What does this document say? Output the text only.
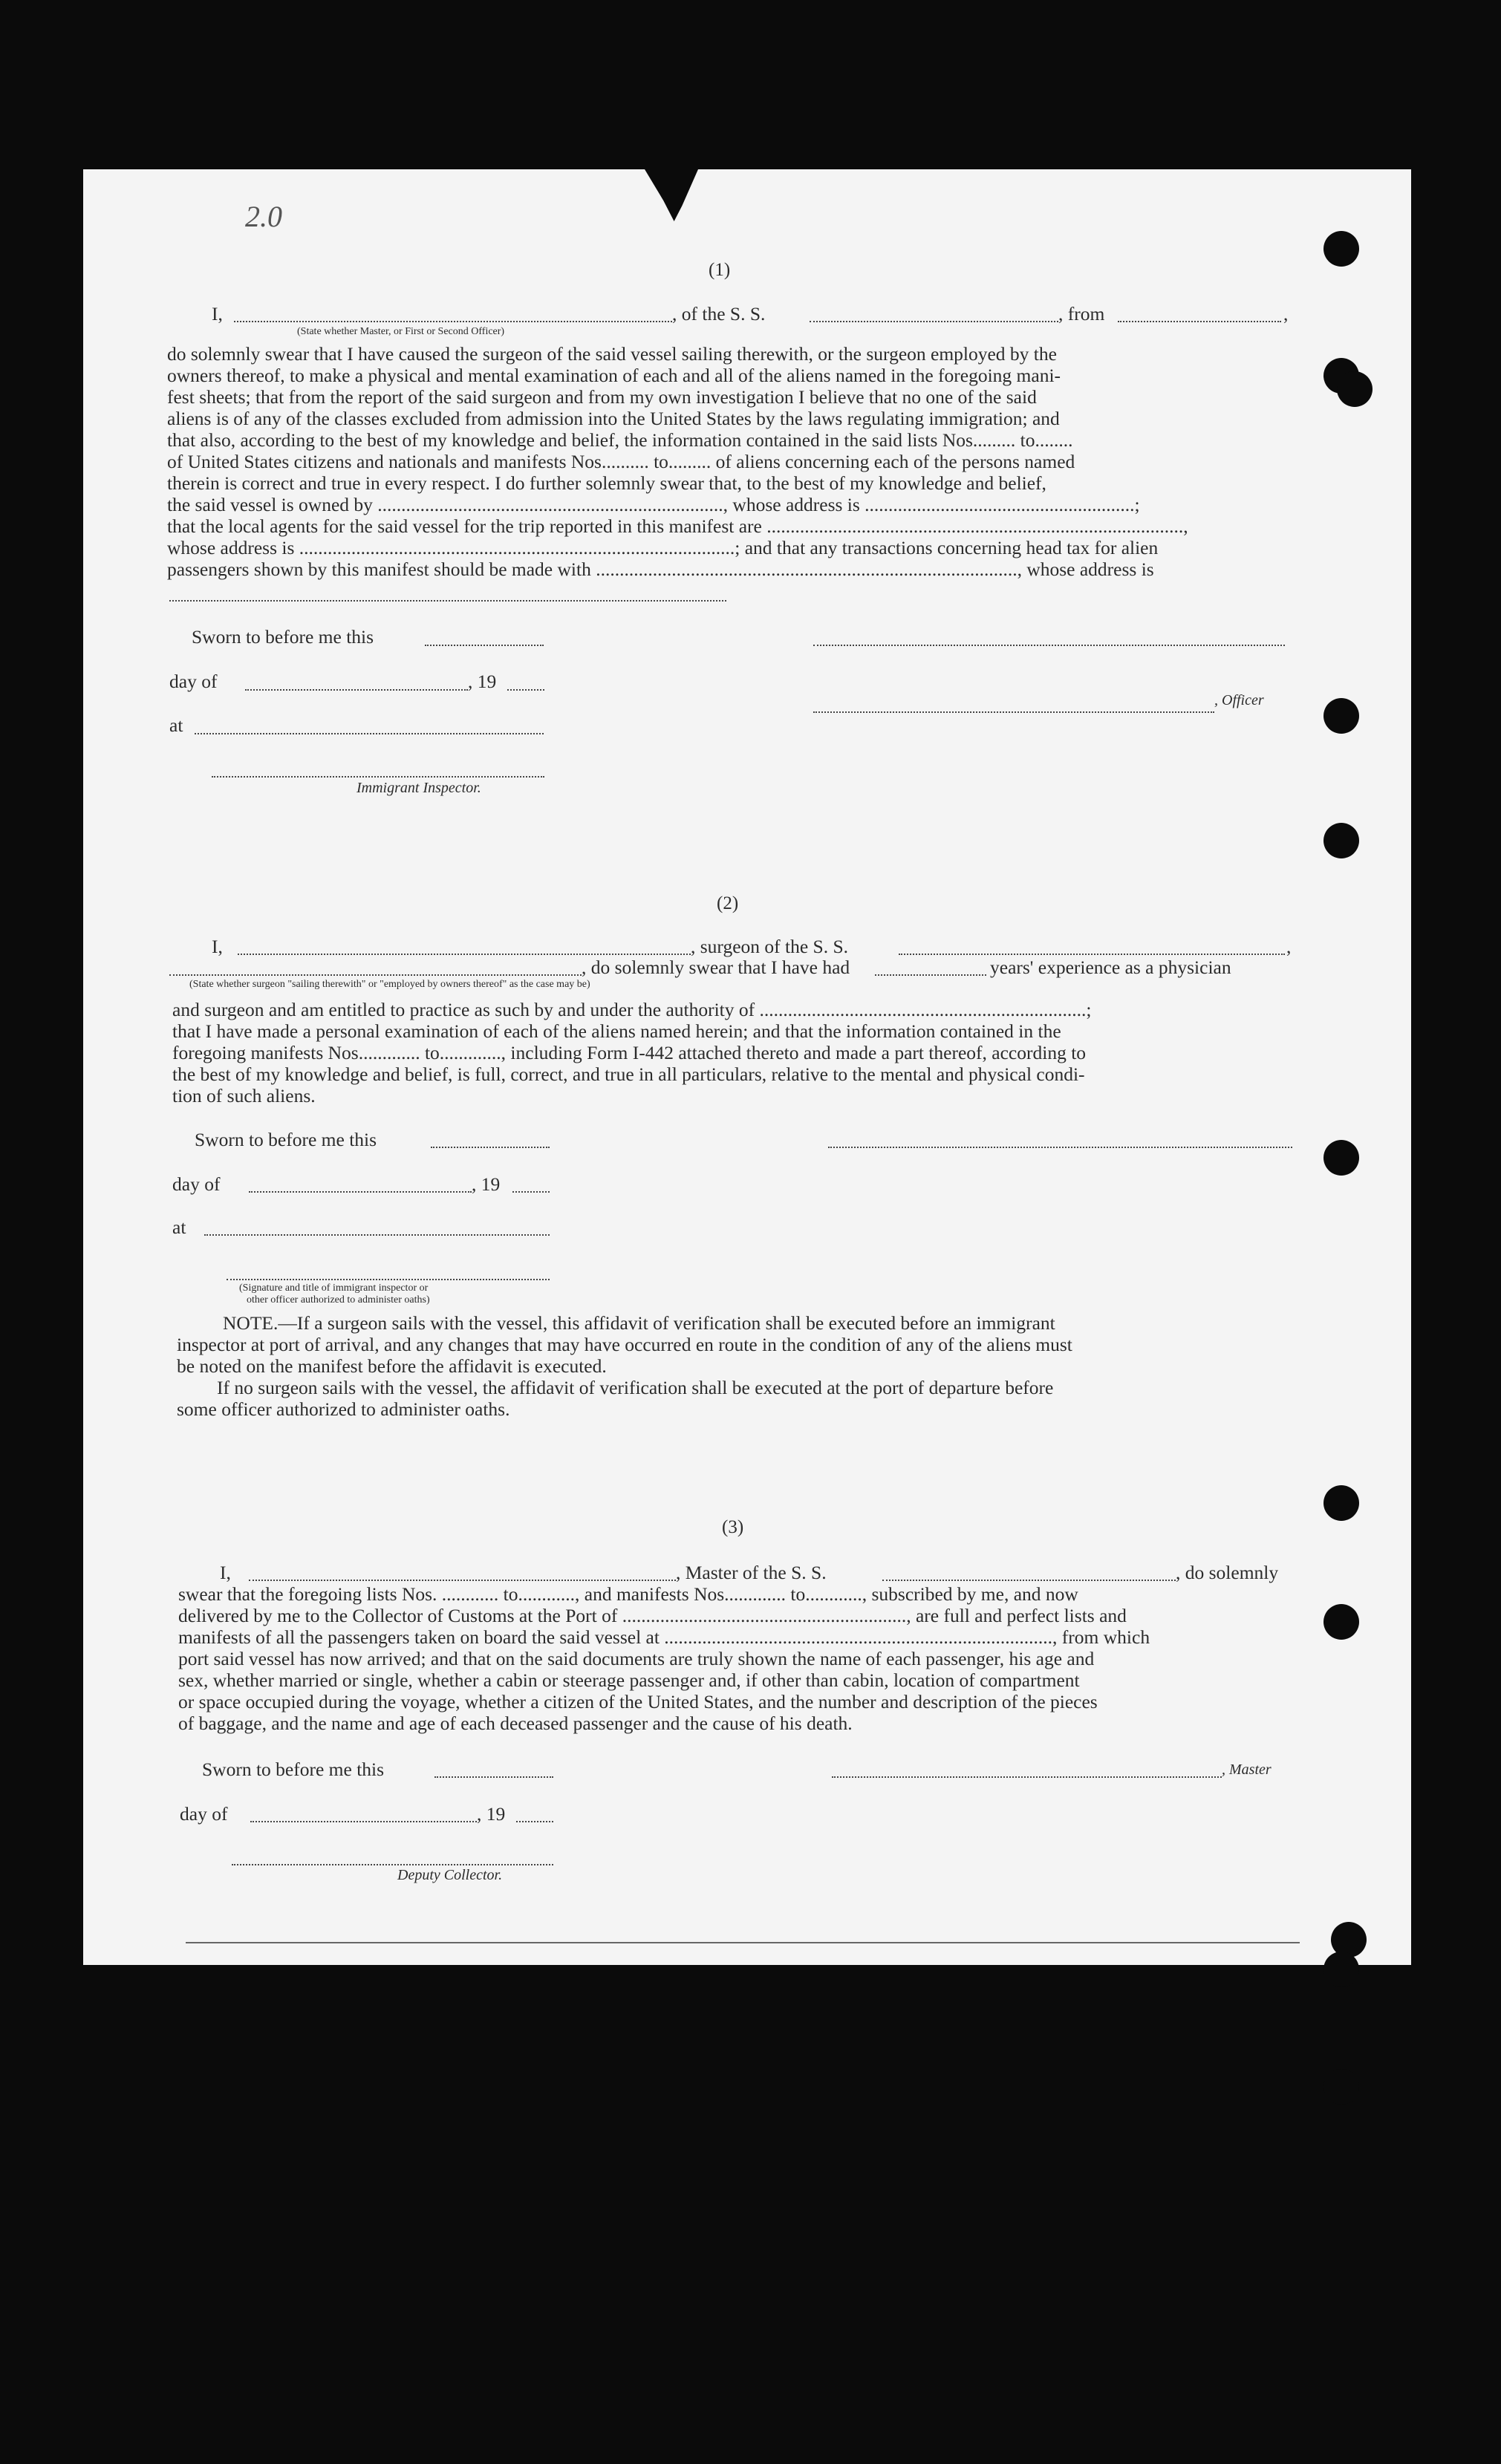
2.0
(1)
I,	, of the S. S.	, from	,
(State whether Master, or First or Second Officer)
do solemnly swear that I have caused the surgeon of the said vessel sailing therewith, or the surgeon employed by the
owners thereof, to make a physical and mental examination of each and all of the aliens named in the foregoing mani-
fest sheets; that from the report of the said surgeon and from my own investigation I believe that no one of the said
aliens is of any of the classes excluded from admission into the United States by the laws regulating immigration; and
that also, according to the best of my knowledge and belief, the information contained in the said lists Nos......... to........
of United States citizens and nationals and manifests Nos.......... to......... of aliens concerning each of the persons named
therein is correct and true in every respect. I do further solemnly swear that, to the best of my knowledge and belief,
the said vessel is owned by ........................................................................., whose address is .........................................................;
that the local agents for the said vessel for the trip reported in this manifest are ........................................................................................,
whose address is ............................................................................................; and that any transactions concerning head tax for alien
passengers shown by this manifest should be made with ........................................................................................., whose address is
Sworn to before me this
day of	, 19
, Officer
at
Immigrant Inspector.
(2)
I,	, surgeon of the S. S.	,
, do solemnly swear that I have had	years' experience as a physician
(State whether surgeon "sailing therewith" or "employed by owners thereof" as the case may be)
and surgeon and am entitled to practice as such by and under the authority of .....................................................................;
that I have made a personal examination of each of the aliens named herein; and that the information contained in the
foregoing manifests Nos............. to............., including Form I-442 attached thereto and made a part thereof, according to
the best of my knowledge and belief, is full, correct, and true in all particulars, relative to the mental and physical condi-
tion of such aliens.
Sworn to before me this
day of	, 19
at
(Signature and title of immigrant inspector or
other officer authorized to administer oaths)
NOTE.—If a surgeon sails with the vessel, this affidavit of verification shall be executed before an immigrant
inspector at port of arrival, and any changes that may have occurred en route in the condition of any of the aliens must
be noted on the manifest before the affidavit is executed.
If no surgeon sails with the vessel, the affidavit of verification shall be executed at the port of departure before
some officer authorized to administer oaths.
(3)
I,	, Master of the S. S.	, do solemnly
swear that the foregoing lists Nos. ............ to............, and manifests Nos............. to............, subscribed by me, and now
delivered by me to the Collector of Customs at the Port of ............................................................, are full and perfect lists and
manifests of all the passengers taken on board the said vessel at .................................................................................., from which
port said vessel has now arrived; and that on the said documents are truly shown the name of each passenger, his age and
sex, whether married or single, whether a cabin or steerage passenger and, if other than cabin, location of compartment
or space occupied during the voyage, whether a citizen of the United States, and the number and description of the pieces
of baggage, and the name and age of each deceased passenger and the cause of his death.
Sworn to before me this	, Master
day of	, 19
Deputy Collector.
